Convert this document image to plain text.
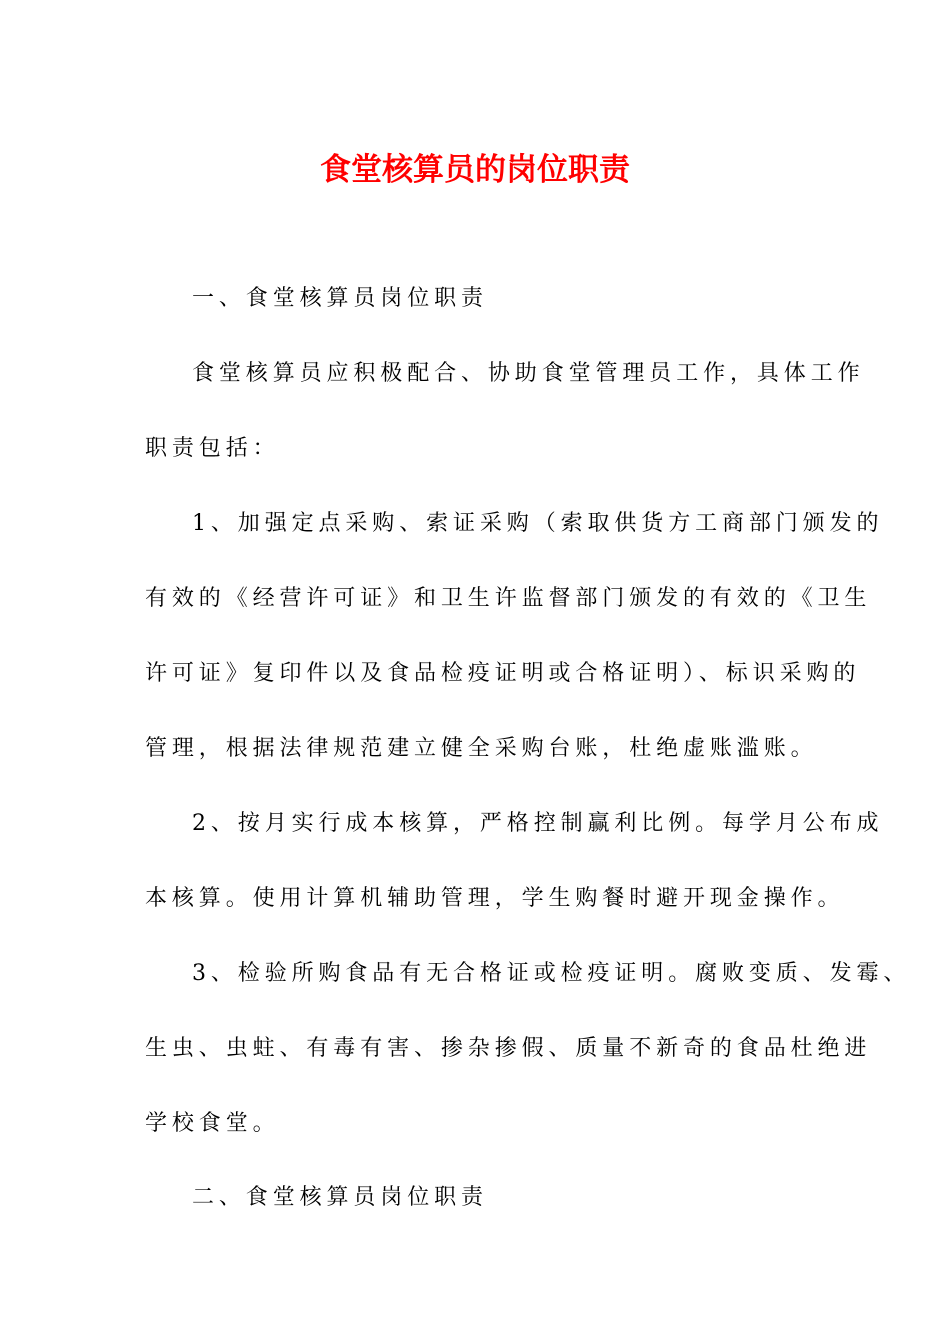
食堂核算员的岗位职责
一、食堂核算员岗位职责
食堂核算员应积极配合、协助食堂管理员工作，具体工作
职责包括：
1、加强定点采购、索证采购（索取供货方工商部门颁发的
有效的《经营许可证》和卫生许监督部门颁发的有效的《卫生
许可证》复印件以及食品检疫证明或合格证明）、标识采购的
管理，根据法律规范建立健全采购台账，杜绝虚账滥账。
2、按月实行成本核算，严格控制赢利比例。每学月公布成
本核算。使用计算机辅助管理，学生购餐时避开现金操作。
3、检验所购食品有无合格证或检疫证明。腐败变质、发霉、
生虫、虫蛀、有毒有害、掺杂掺假、质量不新奇的食品杜绝进
学校食堂。
二、食堂核算员岗位职责
